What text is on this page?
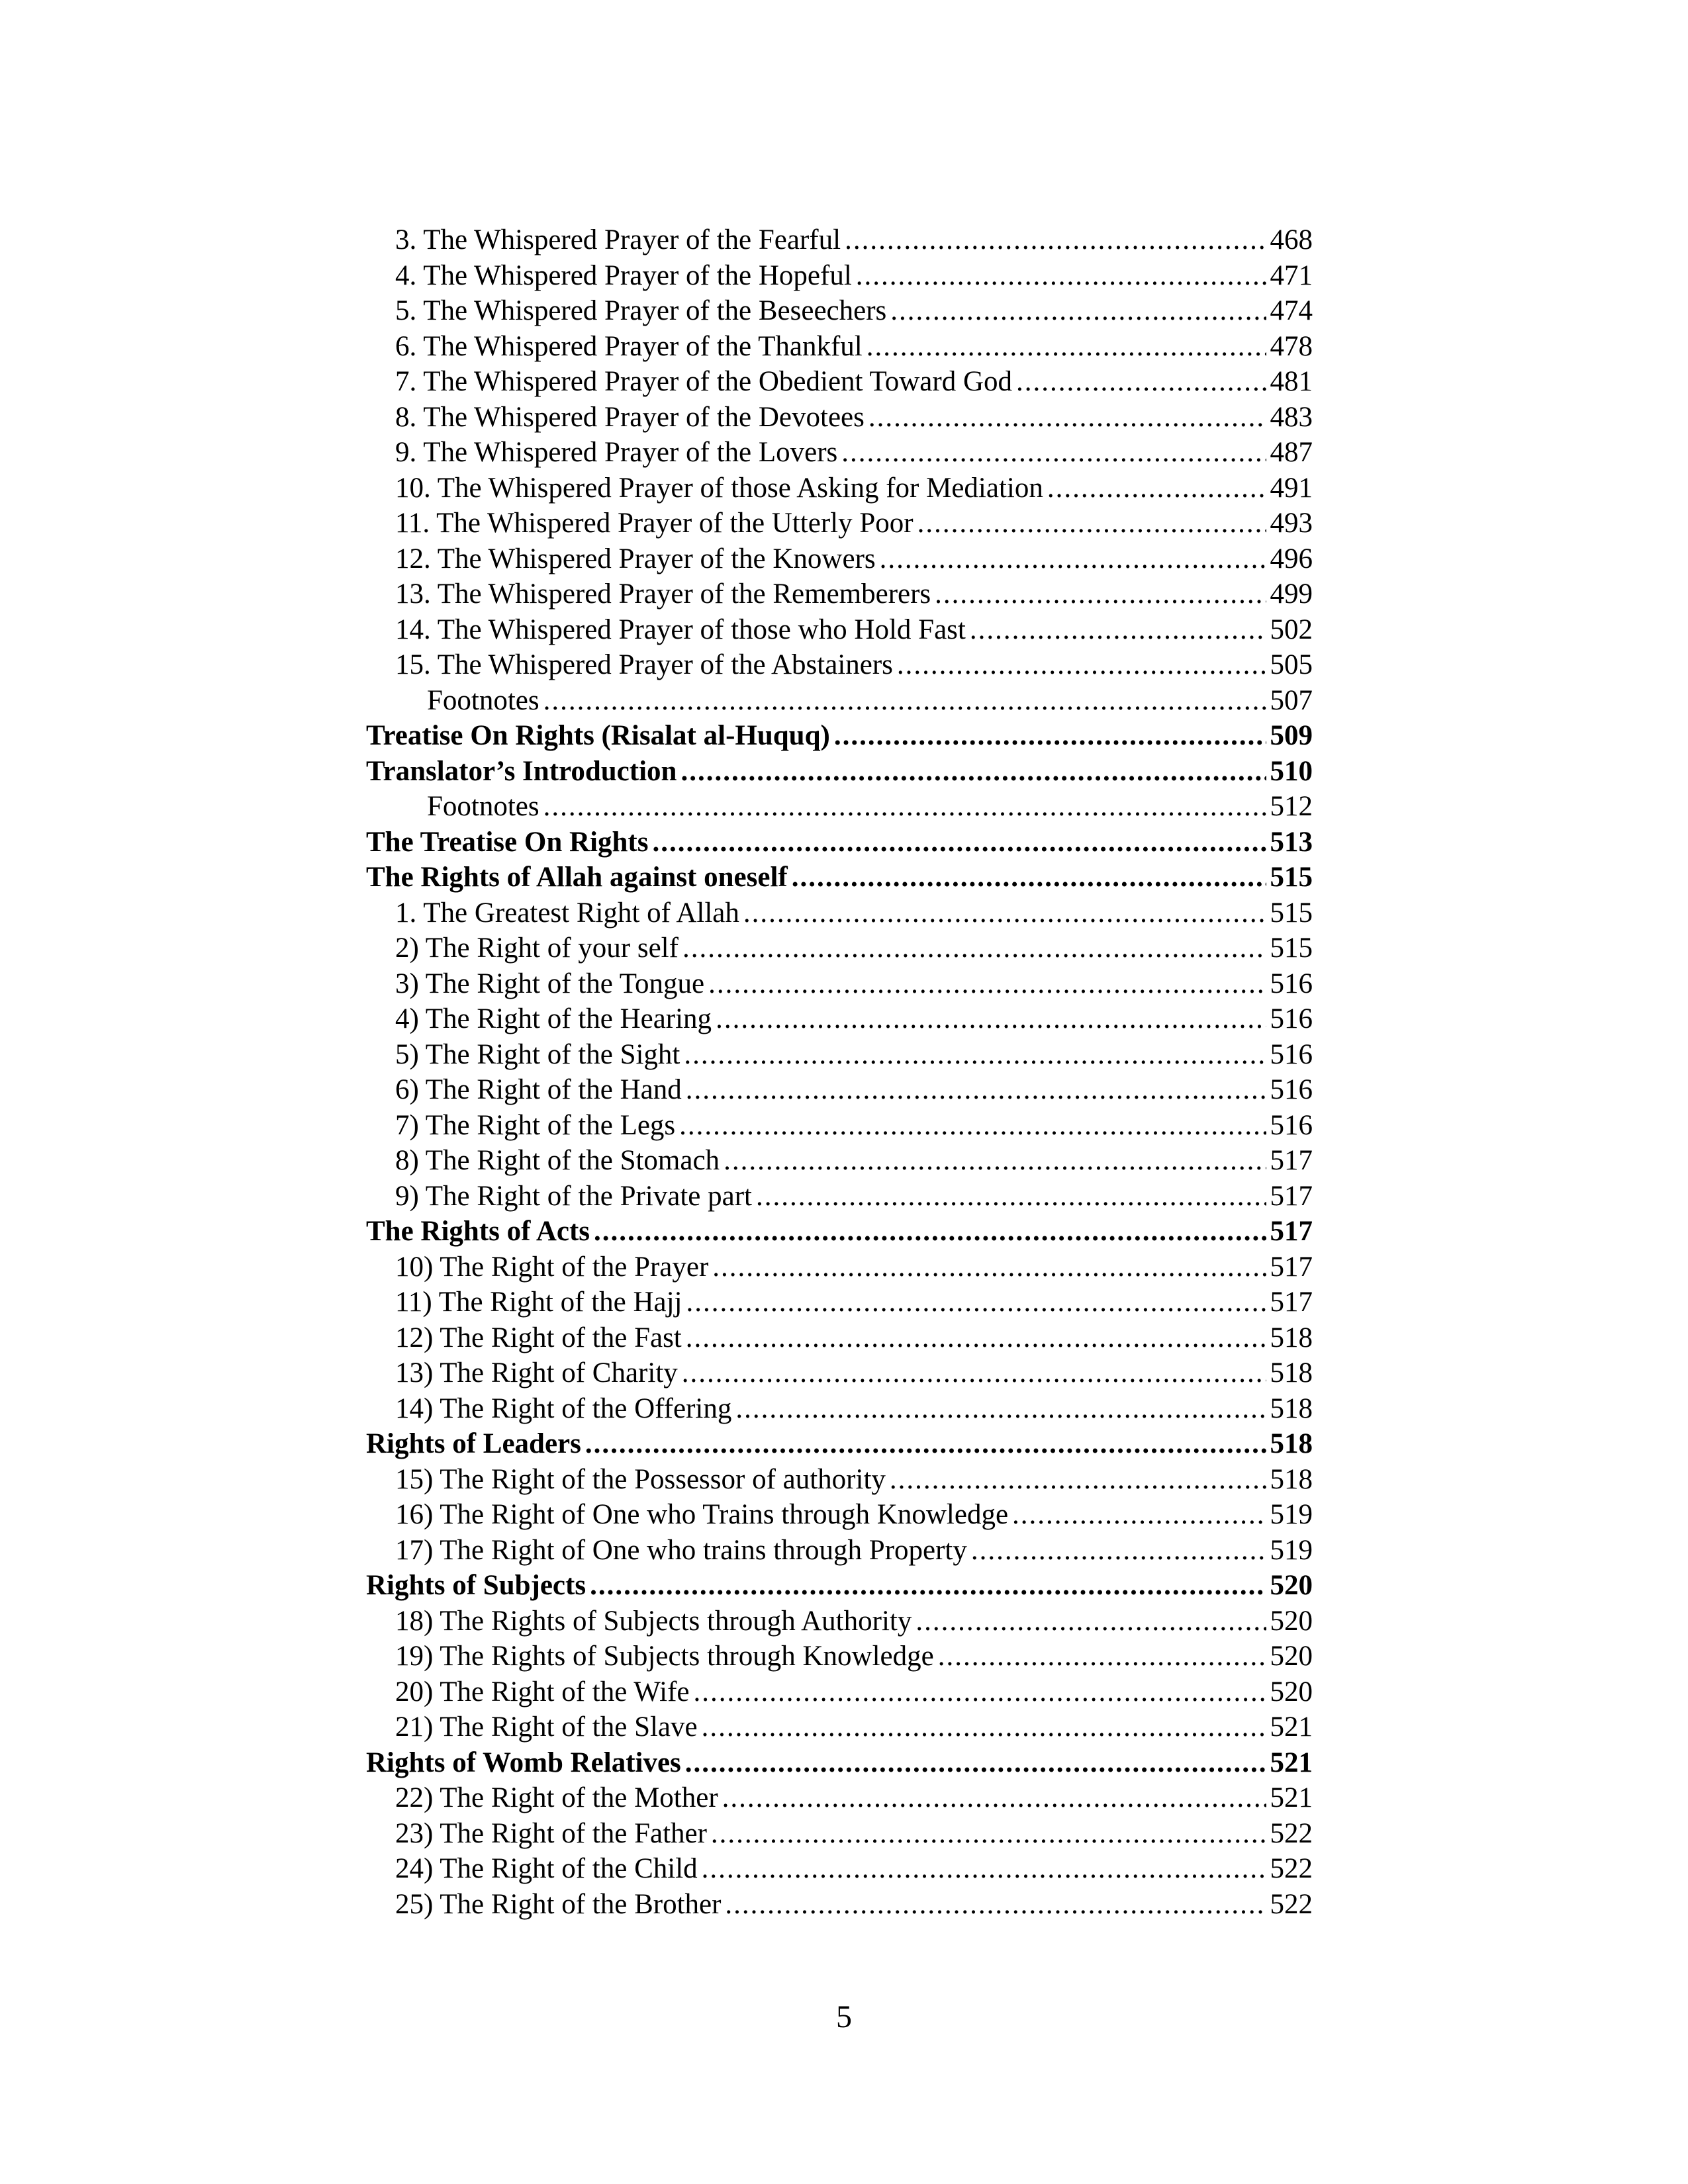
3. The Whispered Prayer of the Fearful .....	468
4. The Whispered Prayer of the Hopeful .....	471
5. The Whispered Prayer of the Beseechers .....	474
6. The Whispered Prayer of the Thankful .....	478
7. The Whispered Prayer of the Obedient Toward God .....	481
8. The Whispered Prayer of the Devotees .....	483
9. The Whispered Prayer of the Lovers .....	487
10. The Whispered Prayer of those Asking for Mediation .....	491
11. The Whispered Prayer of the Utterly Poor .....	493
12. The Whispered Prayer of the Knowers .....	496
13. The Whispered Prayer of the Rememberers .....	499
14. The Whispered Prayer of those who Hold Fast .....	502
15. The Whispered Prayer of the Abstainers .....	505
Footnotes .....	507
Treatise On Rights (Risalat al-Huquq) .....	509
Translator’s Introduction .....	510
Footnotes .....	512
The Treatise On Rights .....	513
The Rights of Allah against oneself .....	515
1. The Greatest Right of Allah .....	515
2) The Right of your self .....	515
3) The Right of the Tongue .....	516
4) The Right of the Hearing .....	516
5) The Right of the Sight .....	516
6) The Right of the Hand .....	516
7) The Right of the Legs .....	516
8) The Right of the Stomach .....	517
9) The Right of the Private part .....	517
The Rights of Acts .....	517
10) The Right of the Prayer .....	517
11) The Right of the Hajj .....	517
12) The Right of the Fast .....	518
13) The Right of Charity .....	518
14) The Right of the Offering .....	518
Rights of Leaders .....	518
15) The Right of the Possessor of authority .....	518
16) The Right of One who Trains through Knowledge .....	519
17) The Right of One who trains through Property .....	519
Rights of Subjects .....	520
18) The Rights of Subjects through Authority .....	520
19) The Rights of Subjects through Knowledge .....	520
20) The Right of the Wife .....	520
21) The Right of the Slave .....	521
Rights of Womb Relatives .....	521
22) The Right of the Mother .....	521
23) The Right of the Father .....	522
24) The Right of the Child .....	522
25) The Right of the Brother .....	522
5
